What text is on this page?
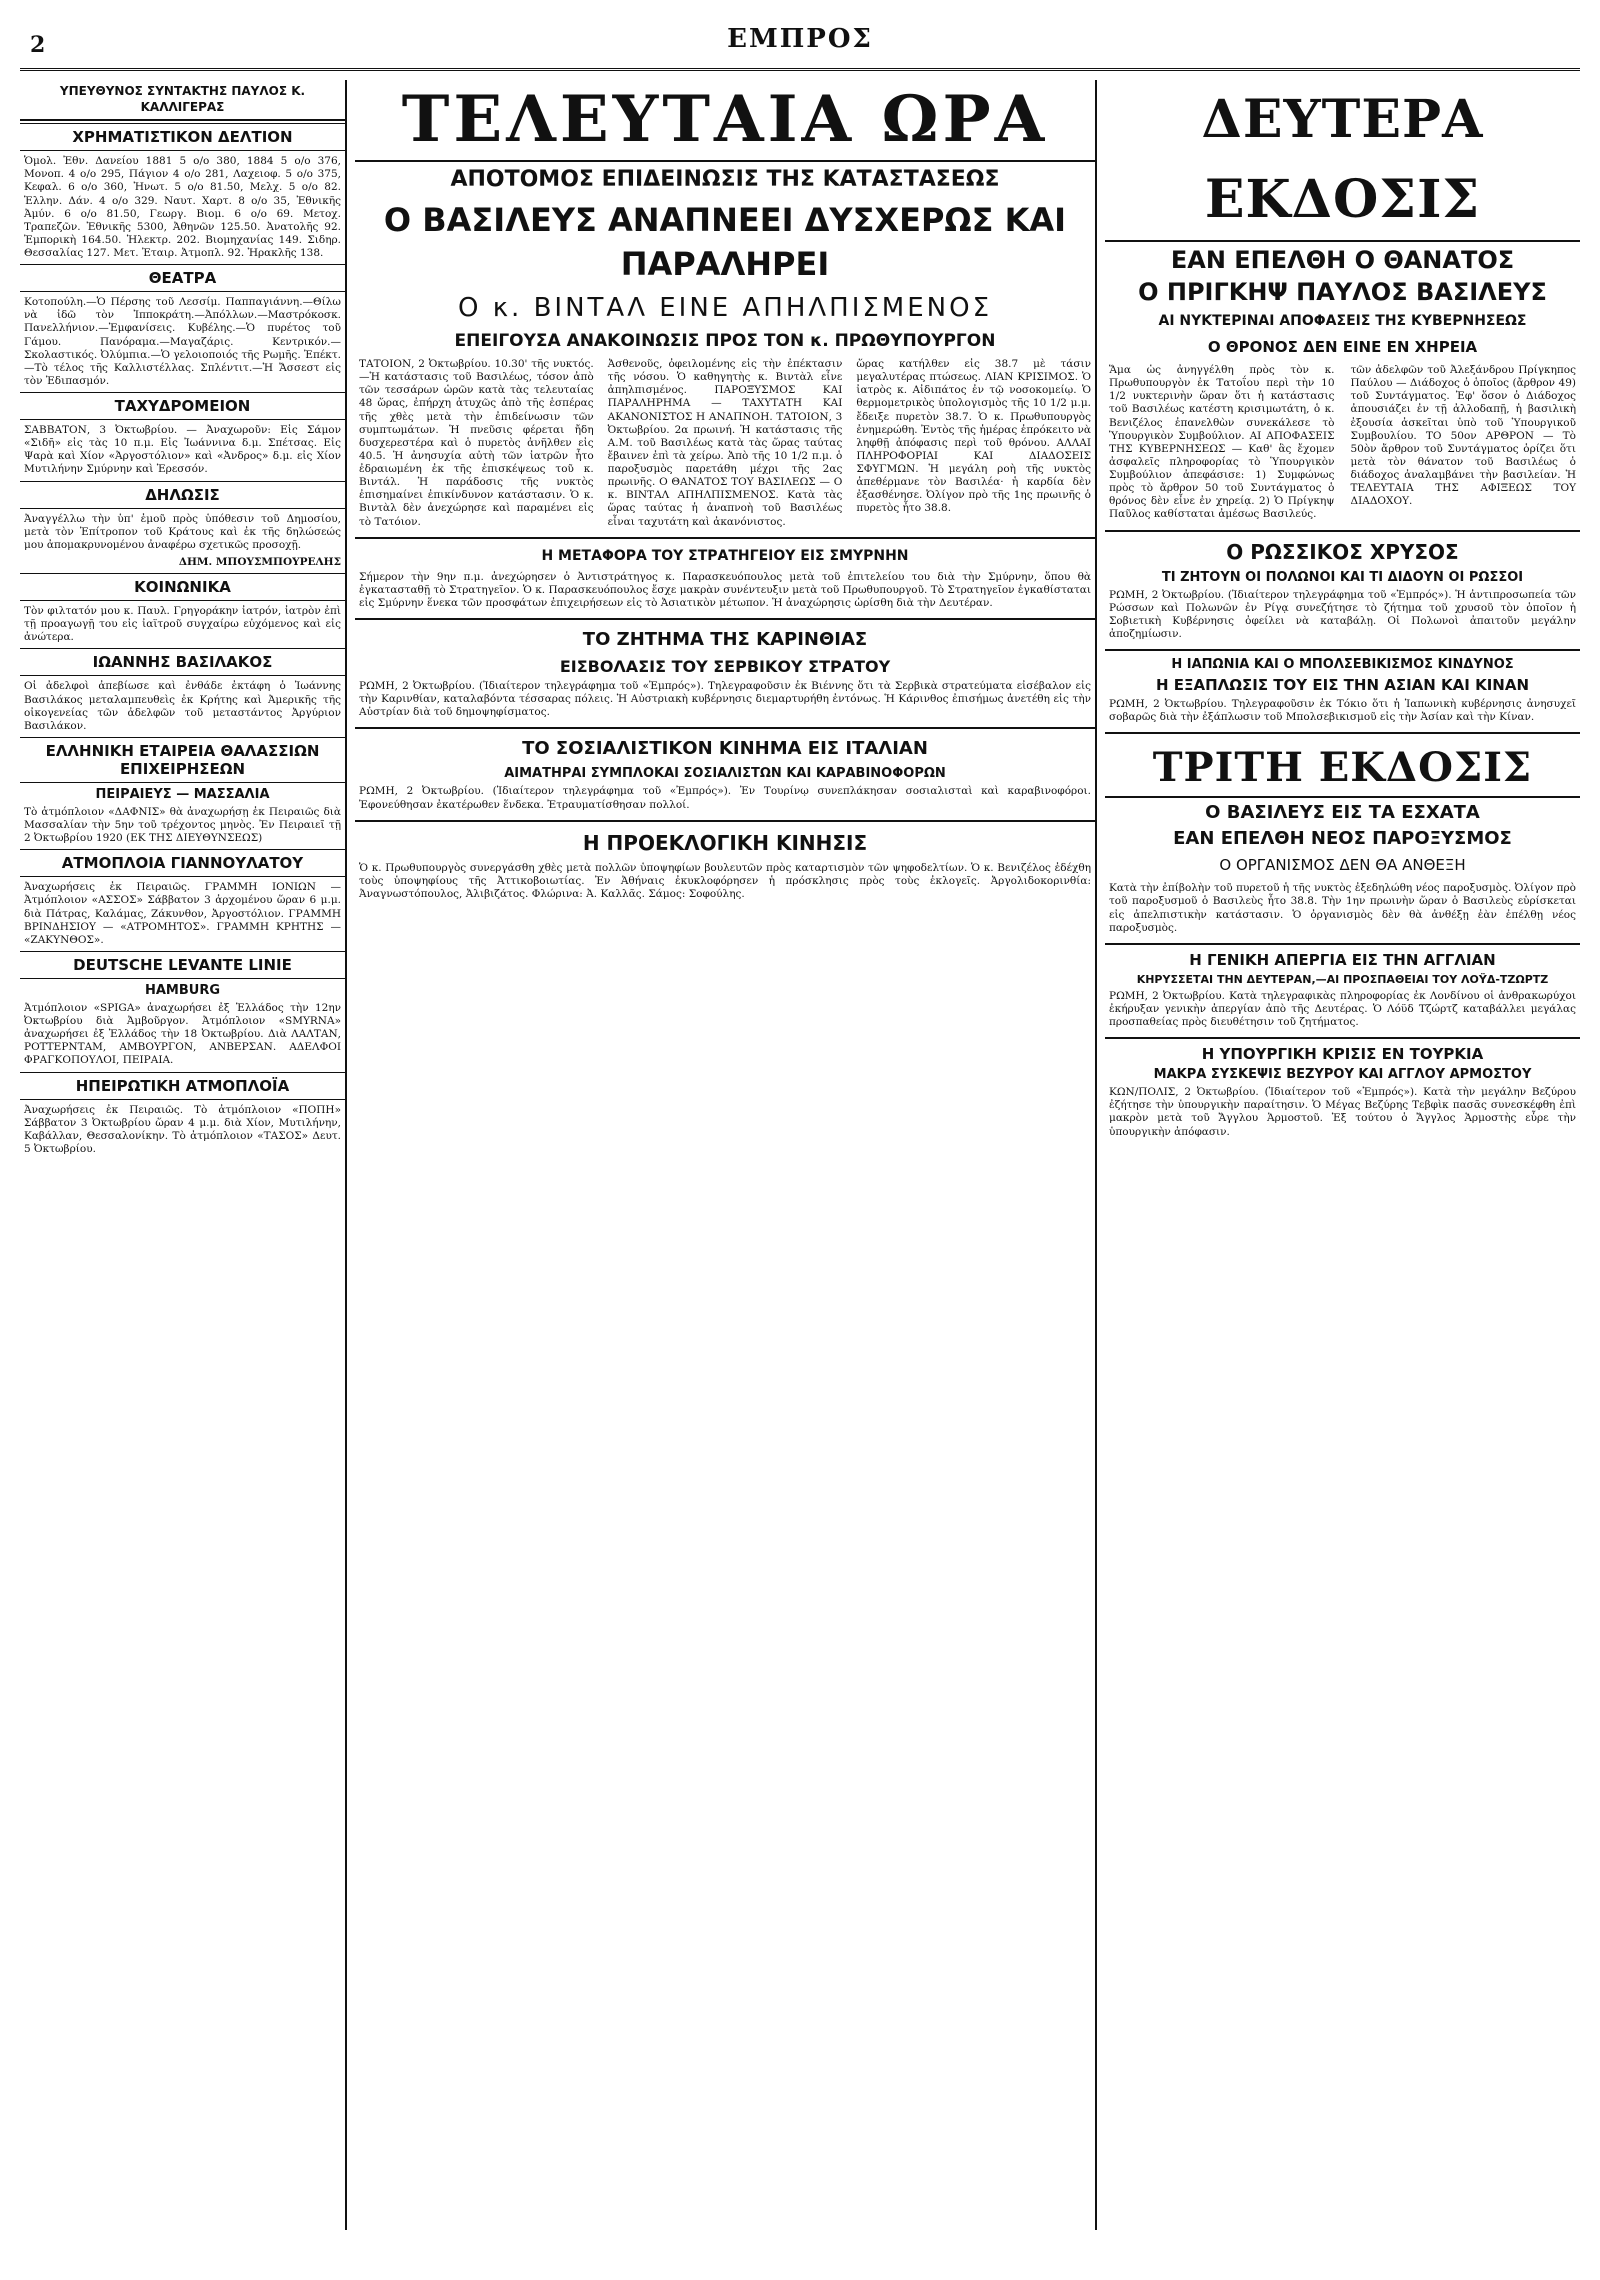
2	ΕΜΠΡΟΣ
ΥΠΕΥΘΥΝΟΣ ΣΥΝΤΑΚΤΗΣ ΠΑΥΛΟΣ Κ. ΚΑΛΛΙΓΕΡΑΣ
ΧΡΗΜΑΤΙΣΤΙΚΟΝ ΔΕΛΤΙΟΝ

Ὁμολ. Ἐθν. Δανείου 1881 5 ο/ο 380, 1884 5 ο/ο 376, Μονοπ. 4 ο/ο 295, Πάγιον 4 ο/ο 281, Λαχειοφ. 5 ο/ο 375, Κεφαλ. 6 ο/ο 360, Ἠνωτ. 5 ο/ο 81.50, Μελχ. 5 ο/ο 82. Ἑλλην. Δάν. 4 ο/ο 329. Ναυτ. Χαρτ. 8 ο/ο 35, Ἐθνικῆς Ἀμύν. 6 ο/ο 81.50, Γεωργ. Βιομ. 6 ο/ο 69. Μετοχ. Τραπεζῶν. Ἐθνικῆς 5300, Ἀθηνῶν 125.50. Ἀνατολῆς 92. Ἐμπορικὴ 164.50. Ἠλεκτρ. 202. Βιομηχανίας 149. Σιδηρ. Θεσσαλίας 127. Μετ. Ἐταιρ. Ἀτμοπλ. 92. Ἡρακλῆς 138.

ΘΕΑΤΡΑ

Κοτοπούλη.—Ὁ Πέρσης τοῦ Λεσσίμ. Παππαγιάννη.—Θίλω νὰ ἰδῶ τὸν Ἰπποκράτη.—Ἀπόλλων.—Μαστρόκοσκ. Πανελλήνιον.—Ἐμφανίσεις. Κυβέλης.—Ὁ πυρέτος τοῦ Γάμου. Πανόραμα.—Μαγαζάρις. Κεντρικόν.—Σκολαστικός. Ὀλύμπια.—Ὁ γελοιοποιός τῆς Ρωμῆς. Ἐπέκτ.—Τὸ τέλος τῆς Καλλιστέλλας. Σπλέντιτ.—Ἡ Ἄσσεστ εἰς τὸν Ἐδιπασμόν.

ΤΑΧΥΔΡΟΜΕΙΟΝ

ΣΑΒΒΑΤΟΝ, 3 Ὀκτωβρίου. — Ἀναχωροῦν: Εἰς Σάμον «Σιδῆ» εἰς τὰς 10 π.μ. Εἰς Ἰωάννινα δ.μ. Σπέτσας. Εἰς Ψαρὰ καὶ Χίον «Ἀργοστόλιον» καὶ «Ἀνδρος» δ.μ. εἰς Χίον Μυτιλήνην Σμύρνην καὶ Ἐρεσσόν.

ΔΗΛΩΣΙΣ

Ἀναγγέλλω τὴν ὑπ' ἐμοῦ πρὸς ὑπόθεσιν τοῦ Δημοσίου, μετὰ τὸν Ἐπίτροπον τοῦ Κράτους καὶ ἐκ τῆς δηλώσεώς μου ἀπομακρυνομένου ἀναφέρω σχετικῶς προσοχῇ.

ΔΗΜ. ΜΠΟΥΣΜΠΟΥΡΕΛΗΣ

ΚΟΙΝΩΝΙΚΑ

Τὸν φιλτατόν μου κ. Παυλ. Γρηγοράκην ἰατρόν, ἰατρὸν ἐπὶ τῇ προαγωγῇ του εἰς ἰαϊτροῦ συγχαίρω εὐχόμενος καὶ εἰς ἀνώτερα.

ΙΩΑΝΝΗΣ ΒΑΣΙΛΑΚΟΣ

Οἱ ἀδελφοὶ ἀπεβίωσε καὶ ἐνθάδε ἐκτάφη ὁ Ἰωάννης Βασιλάκος μεταλαμπευθεὶς ἐκ Κρήτης καὶ Ἀμερικῆς τῆς οἰκογενείας τῶν ἀδελφῶν τοῦ μεταστάντος Ἀργύριον Βασιλάκον.

ΕΛΛΗΝΙΚΗ ΕΤΑΙΡΕΙΑ ΘΑΛΑΣΣΙΩΝ ΕΠΙΧΕΙΡΗΣΕΩΝ
ΠΕΙΡΑΙΕΥΣ — ΜΑΣΣΑΛΙΑ

Τὸ ἀτμόπλοιον «ΔΑΦΝΙΣ» θὰ ἀναχωρήσῃ ἐκ Πειραιῶς διὰ Μασσαλίαν τὴν 5ην τοῦ τρέχοντος μηνὸς. Ἐν Πειραιεῖ τῇ 2 Ὀκτωβρίου 1920 (ΕΚ ΤΗΣ ΔΙΕΥΘΥΝΣΕΩΣ)

ΑΤΜΟΠΛΟΙΑ ΓΙΑΝΝΟΥΛΑΤΟΥ

Ἀναχωρήσεις ἐκ Πειραιῶς. ΓΡΑΜΜΗ ΙΟΝΙΩΝ — Ἀτμόπλοιον «ΑΣΣΟΣ» Σάββατον 3 ἀρχομένου ὥραν 6 μ.μ. διὰ Πάτρας, Καλάμας, Ζάκυνθον, Ἀργοστόλιον. ΓΡΑΜΜΗ ΒΡΙΝΔΗΣΙΟΥ — «ΑΤΡΟΜΗΤΟΣ». ΓΡΑΜΜΗ ΚΡΗΤΗΣ — «ΖΑΚΥΝΘΟΣ».

DEUTSCHE LEVANTE LINIE
HAMBURG

Ἀτμόπλοιον «SPIGA» ἀναχωρήσει ἐξ Ἑλλάδος τὴν 12ην Ὀκτωβρίου διὰ Ἀμβοῦργον. Ἀτμόπλοιον «SMYRNA» ἀναχωρήσει ἐξ Ἑλλάδος τὴν 18 Ὀκτωβρίου. Διὰ ΛΑΛΤΑΝ, ΡΟΤΤΕΡΝΤΑΜ, ΑΜΒΟΥΡΓΟΝ, ΑΝΒΕΡΣΑΝ. ΑΔΕΛΦΟΙ ΦΡΑΓΚΟΠΟΥΛΟΙ, ΠΕΙΡΑΙΑ.

ΗΠΕΙΡΩΤΙΚΗ ΑΤΜΟΠΛΟΪΑ

Ἀναχωρήσεις ἐκ Πειραιῶς. Τὸ ἀτμόπλοιον «ΠΟΠΗ» Σάββατον 3 Ὀκτωβρίου ὥραν 4 μ.μ. διὰ Χίον, Μυτιλήνην, Καβάλλαν, Θεσσαλονίκην. Τὸ ἀτμόπλοιον «ΤΑΣΟΣ» Δευτ. 5 Ὀκτωβρίου.

ΤΕΛΕΥΤΑΙΑ ΩΡΑ
ΑΠΟΤΟΜΟΣ ΕΠΙΔΕΙΝΩΣΙΣ ΤΗΣ ΚΑΤΑΣΤΑΣΕΩΣ
Ο ΒΑΣΙΛΕΥΣ ΑΝΑΠΝΕΕΙ ΔΥΣΧΕΡΩΣ ΚΑΙ ΠΑΡΑΛΗΡΕΙ
Ο κ. ΒΙΝΤΑΛ ΕΙΝΕ ΑΠΗΛΠΙΣΜΕΝΟΣ
ΕΠΕΙΓΟΥΣΑ ΑΝΑΚΟΙΝΩΣΙΣ ΠΡΟΣ ΤΟΝ κ. ΠΡΩΘΥΠΟΥΡΓΟΝ

ΤΑΤΟΙΟΝ, 2 Ὀκτωβρίου. 10.30' τῆς νυκτός.—Ἡ κατάστασις τοῦ Βασιλέως, τόσον ἀπὸ τῶν τεσσάρων ὡρῶν κατὰ τὰς τελευταίας 48 ὥρας, ἐπήρχη ἀτυχῶς ἀπὸ τῆς ἑσπέρας τῆς χθὲς μετὰ τὴν ἐπιδείνωσιν τῶν συμπτωμάτων. Ἡ πνεῦσις φέρεται ἤδη δυσχερεστέρα καὶ ὁ πυρετὸς ἀνῆλθεν εἰς 40.5. Ἡ ἀνησυχία αὐτὴ τῶν ἰατρῶν ἦτο ἐδραιωμένη ἐκ τῆς ἐπισκέψεως τοῦ κ. Βιντάλ. Ἡ παράδοσις τῆς νυκτὸς ἐπισημαίνει ἐπικίνδυνον κατάστασιν. Ὁ κ. Βιντὰλ δὲν ἀνεχώρησε καὶ παραμένει εἰς τὸ Τατόιον.

Ἀσθενοῦς, ὀφειλομένης εἰς τὴν ἐπέκτασιν τῆς νόσου. Ὁ καθηγητὴς κ. Βιντὰλ εἶνε ἀπηλπισμένος. ΠΑΡΟΞΥΣΜΟΣ ΚΑΙ ΠΑΡΑΛΗΡΗΜΑ — ΤΑΧΥΤΑΤΗ ΚΑΙ ΑΚΑΝΟΝΙΣΤΟΣ Η ΑΝΑΠΝΟΗ. ΤΑΤΟΙΟΝ, 3 Ὀκτωβρίου. 2α πρωινή. Ἡ κατάστασις τῆς Α.Μ. τοῦ Βασιλέως κατὰ τὰς ὥρας ταύτας ἔβαινεν ἐπὶ τὰ χείρω. Ἀπὸ τῆς 10 1/2 π.μ. ὁ παροξυσμὸς παρετάθη μέχρι τῆς 2ας πρωινῆς. Ο ΘΑΝΑΤΟΣ ΤΟΥ ΒΑΣΙΛΕΩΣ — Ο κ. ΒΙΝΤΑΛ ΑΠΗΛΠΙΣΜΕΝΟΣ. Κατὰ τὰς ὥρας ταύτας ἡ ἀναπνοὴ τοῦ Βασιλέως εἶναι ταχυτάτη καὶ ἀκανόνιστος.

ὥρας κατήλθεν εἰς 38.7 μὲ τάσιν μεγαλυτέρας πτώσεως. ΛΙΑΝ ΚΡΙΣΙΜΟΣ. Ὁ ἰατρὸς κ. Αἰδιπάτος ἐν τῷ νοσοκομείῳ. Ὁ θερμομετρικὸς ὑπολογισμὸς τῆς 10 1/2 μ.μ. ἔδειξε πυρετὸν 38.7. Ὁ κ. Πρωθυπουργὸς ἐνημερώθη. Ἐντὸς τῆς ἡμέρας ἐπρόκειτο νὰ ληφθῇ ἀπόφασις περὶ τοῦ θρόνου. ΑΛΛΑΙ ΠΛΗΡΟΦΟΡΙΑΙ ΚΑΙ ΔΙΑΔΟΣΕΙΣ ΣΦΥΓΜΩΝ. Ἡ μεγάλη ροὴ τῆς νυκτὸς ἀπεθέρμανε τὸν Βασιλέα· ἡ καρδία δὲν ἐξασθένησε. Ὀλίγον πρὸ τῆς 1ης πρωινῆς ὁ πυρετὸς ἦτο 38.8.

Η ΜΕΤΑΦΟΡΑ ΤΟΥ ΣΤΡΑΤΗΓΕΙΟΥ ΕΙΣ ΣΜΥΡΝΗΝ

Σήμερον τὴν 9ην π.μ. ἀνεχώρησεν ὁ Ἀντιστράτηγος κ. Παρασκευόπουλος μετὰ τοῦ ἐπιτελείου του διὰ τὴν Σμύρνην, ὅπου θὰ ἐγκατασταθῇ τὸ Στρατηγεῖον. Ὁ κ. Παρασκευόπουλος ἔσχε μακρὰν συνέντευξιν μετὰ τοῦ Πρωθυπουργοῦ. Τὸ Στρατηγεῖον ἐγκαθίσταται εἰς Σμύρνην ἕνεκα τῶν προσφάτων ἐπιχειρήσεων εἰς τὸ Ἀσιατικὸν μέτωπον. Ἡ ἀναχώρησις ὡρίσθη διὰ τὴν Δευτέραν.

ΤΟ ΖΗΤΗΜΑ ΤΗΣ ΚΑΡΙΝΘΙΑΣ
ΕΙΣΒΟΛΑΣΙΣ ΤΟΥ ΣΕΡΒΙΚΟΥ ΣΤΡΑΤΟΥ

ΡΩΜΗ, 2 Ὀκτωβρίου. (Ἰδιαίτερον τηλεγράφημα τοῦ «Ἐμπρός»). Τηλεγραφοῦσιν ἐκ Βιέννης ὅτι τὰ Σερβικὰ στρατεύματα εἰσέβαλον εἰς τὴν Καρινθίαν, καταλαβόντα τέσσαρας πόλεις. Ἡ Αὐστριακὴ κυβέρνησις διεμαρτυρήθη ἐντόνως. Ἡ Κάρινθος ἐπισήμως ἀνετέθη εἰς τὴν Αὐστρίαν διὰ τοῦ δημοψηφίσματος.

ΤΟ ΣΟΣΙΑΛΙΣΤΙΚΟΝ ΚΙΝΗΜΑ ΕΙΣ ΙΤΑΛΙΑΝ
ΑΙΜΑΤΗΡΑΙ ΣΥΜΠΛΟΚΑΙ ΣΟΣΙΑΛΙΣΤΩΝ ΚΑΙ ΚΑΡΑΒΙΝΟΦΟΡΩΝ

ΡΩΜΗ, 2 Ὀκτωβρίου. (Ἰδιαίτερον τηλεγράφημα τοῦ «Ἐμπρός»). Ἐν Τουρίνῳ συνεπλάκησαν σοσιαλισταὶ καὶ καραβινοφόροι. Ἐφονεύθησαν ἐκατέρωθεν ἕνδεκα. Ἐτραυματίσθησαν πολλοί.

Η ΠΡΟΕΚΛΟΓΙΚΗ ΚΙΝΗΣΙΣ

Ὁ κ. Πρωθυπουργὸς συνεργάσθη χθὲς μετὰ πολλῶν ὑποψηφίων βουλευτῶν πρὸς καταρτισμὸν τῶν ψηφοδελτίων. Ὁ κ. Βενιζέλος ἐδέχθη τοὺς ὑποψηφίους τῆς Ἀττικοβοιωτίας. Ἐν Ἀθήναις ἐκυκλοφόρησεν ἡ πρόσκλησις πρὸς τοὺς ἐκλογεῖς. Ἀργολιδοκορινθία: Ἀναγνωστόπουλος, Ἀλιβιζάτος. Φλώρινα: Ἀ. Καλλᾶς. Σάμος: Σοφούλης.

ΔΕΥΤΕΡΑ ΕΚΔΟΣΙΣ
ΕΑΝ ΕΠΕΛΘΗ Ο ΘΑΝΑΤΟΣ
Ο ΠΡΙΓΚΗΨ ΠΑΥΛΟΣ ΒΑΣΙΛΕΥΣ
ΑΙ ΝΥΚΤΕΡΙΝΑΙ ΑΠΟΦΑΣΕΙΣ ΤΗΣ ΚΥΒΕΡΝΗΣΕΩΣ
Ο ΘΡΟΝΟΣ ΔΕΝ ΕΙΝΕ ΕΝ ΧΗΡΕΙΑ

Ἅμα ὡς ἀνηγγέλθη πρὸς τὸν κ. Πρωθυπουργὸν ἐκ Τατοΐου περὶ τὴν 10 1/2 νυκτερινὴν ὥραν ὅτι ἡ κατάστασις τοῦ Βασιλέως κατέστη κρισιμωτάτη, ὁ κ. Βενιζέλος ἐπανελθὼν συνεκάλεσε τὸ Ὑπουργικὸν Συμβούλιον. ΑΙ ΑΠΟΦΑΣΕΙΣ ΤΗΣ ΚΥΒΕΡΝΗΣΕΩΣ — Καθ' ἃς ἔχομεν ἀσφαλεῖς πληροφορίας τὸ Ὑπουργικὸν Συμβούλιον ἀπεφάσισε: 1) Συμφώνως πρὸς τὸ ἄρθρον 50 τοῦ Συντάγματος ὁ θρόνος δὲν εἶνε ἐν χηρείᾳ. 2) Ὁ Πρίγκηψ Παῦλος καθίσταται ἀμέσως Βασιλεύς.

τῶν ἀδελφῶν τοῦ Ἀλεξάνδρου Πρίγκηπος Παύλου — Διάδοχος ὁ ὁποῖος (ἄρθρον 49) τοῦ Συντάγματος. Ἐφ' ὅσον ὁ Διάδοχος ἀπουσιάζει ἐν τῇ ἀλλοδαπῇ, ἡ βασιλικὴ ἐξουσία ἀσκεῖται ὑπὸ τοῦ Ὑπουργικοῦ Συμβουλίου. ΤΟ 50ον ΑΡΘΡΟΝ — Τὸ 50ὸν ἄρθρον τοῦ Συντάγματος ὁρίζει ὅτι μετὰ τὸν θάνατον τοῦ Βασιλέως ὁ διάδοχος ἀναλαμβάνει τὴν βασιλείαν. Ἡ ΤΕΛΕΥΤΑΙΑ ΤΗΣ ΑΦΙΞΕΩΣ ΤΟΥ ΔΙΑΔΟΧΟΥ.

Ο ΡΩΣΣΙΚΟΣ ΧΡΥΣΟΣ
ΤΙ ΖΗΤΟΥΝ ΟΙ ΠΟΛΩΝΟΙ ΚΑΙ ΤΙ ΔΙΔΟΥΝ ΟΙ ΡΩΣΣΟΙ

ΡΩΜΗ, 2 Ὀκτωβρίου. (Ἰδιαίτερον τηλεγράφημα τοῦ «Ἐμπρός»). Ἡ ἀντιπροσωπεία τῶν Ρώσσων καὶ Πολωνῶν ἐν Ρίγᾳ συνεζήτησε τὸ ζήτημα τοῦ χρυσοῦ τὸν ὁποῖον ἡ Σοβιετικὴ Κυβέρνησις ὀφείλει νὰ καταβάλῃ. Οἱ Πολωνοὶ ἀπαιτοῦν μεγάλην ἀποζημίωσιν.

Η ΙΑΠΩΝΙΑ ΚΑΙ Ο ΜΠΟΛΣΕΒΙΚΙΣΜΟΣ ΚΙΝΔΥΝΟΣ
Η ΕΞΑΠΛΩΣΙΣ ΤΟΥ ΕΙΣ ΤΗΝ ΑΣΙΑΝ ΚΑΙ ΚΙΝΑΝ

ΡΩΜΗ, 2 Ὀκτωβρίου. Τηλεγραφοῦσιν ἐκ Τόκιο ὅτι ἡ Ἰαπωνικὴ κυβέρνησις ἀνησυχεῖ σοβαρῶς διὰ τὴν ἐξάπλωσιν τοῦ Μπολσεβικισμοῦ εἰς τὴν Ἀσίαν καὶ τὴν Κίναν.

ΤΡΙΤΗ ΕΚΔΟΣΙΣ
Ο ΒΑΣΙΛΕΥΣ ΕΙΣ ΤΑ ΕΣΧΑΤΑ
ΕΑΝ ΕΠΕΛΘΗ ΝΕΟΣ ΠΑΡΟΞΥΣΜΟΣ
Ο ΟΡΓΑΝΙΣΜΟΣ ΔΕΝ ΘΑ ΑΝΘΕΞΗ

Κατὰ τὴν ἐπίβολὴν τοῦ πυρετοῦ ἡ τῆς νυκτὸς ἐξεδηλώθη νέος παροξυσμὸς. Ὀλίγον πρὸ τοῦ παροξυσμοῦ ὁ Βασιλεὺς ἦτο 38.8. Τὴν 1ην πρωινὴν ὥραν ὁ Βασιλεὺς εὑρίσκεται εἰς ἀπελπιστικὴν κατάστασιν. Ὁ ὀργανισμὸς δὲν θὰ ἀνθέξῃ ἐὰν ἐπέλθῃ νέος παροξυσμὸς.

Η ΓΕΝΙΚΗ ΑΠΕΡΓΙΑ ΕΙΣ ΤΗΝ ΑΓΓΛΙΑΝ
ΚΗΡΥΣΣΕΤΑΙ ΤΗΝ ΔΕΥΤΕΡΑΝ,—ΑΙ ΠΡΟΣΠΑΘΕΙΑΙ ΤΟΥ ΛΟΫΔ-ΤΖΩΡΤΖ

ΡΩΜΗ, 2 Ὀκτωβρίου. Κατὰ τηλεγραφικὰς πληροφορίας ἐκ Λονδίνου οἱ ἀνθρακωρύχοι ἐκήρυξαν γενικὴν ἀπεργίαν ἀπὸ τῆς Δευτέρας. Ὁ Λόϋδ Τζώρτζ καταβάλλει μεγάλας προσπαθείας πρὸς διευθέτησιν τοῦ ζητήματος.

Η ΥΠΟΥΡΓΙΚΗ ΚΡΙΣΙΣ ΕΝ ΤΟΥΡΚΙΑ
ΜΑΚΡΑ ΣΥΣΚΕΨΙΣ ΒΕΖΥΡΟΥ ΚΑΙ ΑΓΓΛΟΥ ΑΡΜΟΣΤΟΥ

ΚΩΝ/ΠΟΛΙΣ, 2 Ὀκτωβρίου. (Ἰδιαίτερον τοῦ «Ἐμπρός»). Κατὰ τὴν μεγάλην Βεζύρου ἐζήτησε τὴν ὑπουργικὴν παραίτησιν. Ὁ Μέγας Βεζύρης Τεβφὶκ πασᾶς συνεσκέφθη ἐπὶ μακρὸν μετὰ τοῦ Ἄγγλου Ἁρμοστοῦ. Ἐξ τούτου ὁ Ἄγγλος Ἁρμοστὴς εὗρε τὴν ὑπουργικὴν ἀπόφασιν.
